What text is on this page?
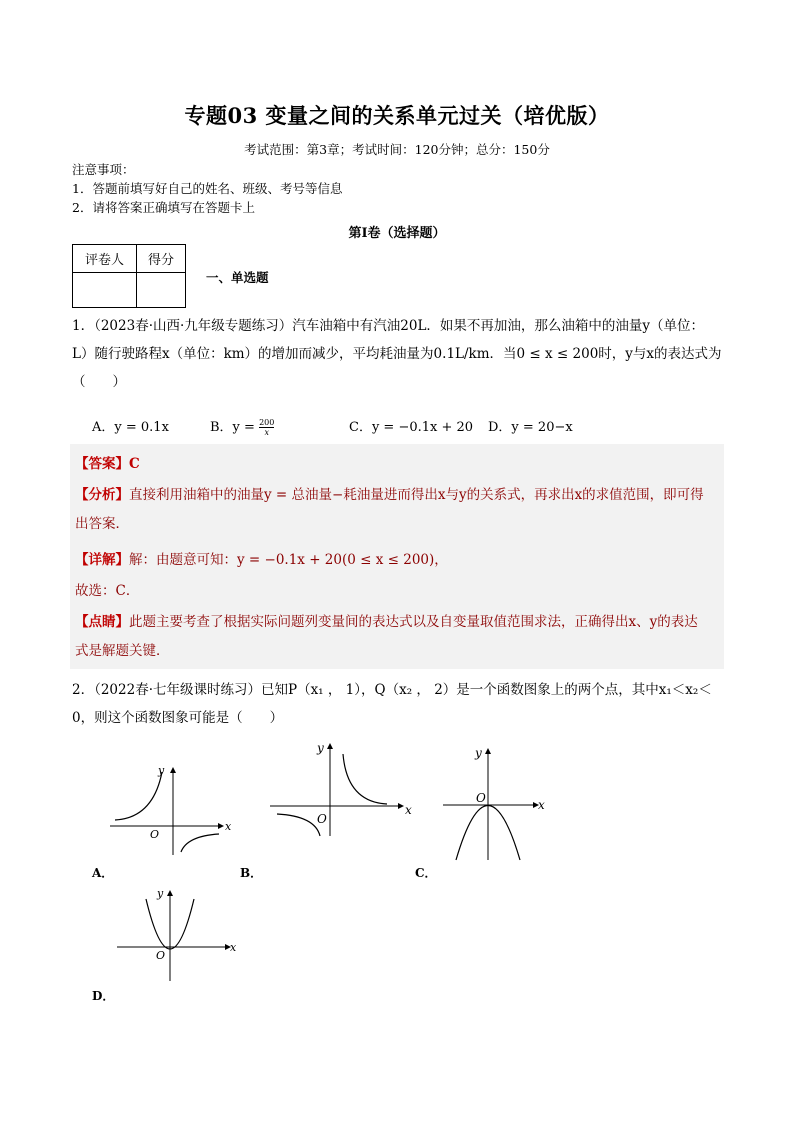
专题03 变量之间的关系单元过关（培优版）
考试范围：第3章；考试时间：120分钟；总分：150分
注意事项：
1．答题前填写好自己的姓名、班级、考号等信息
2．请将答案正确填写在答题卡上
第I卷（选择题）
评卷人	得分

一、单选题
1．（2023春·山西·九年级专题练习）汽车油箱中有汽油20L．如果不再加油，那么油箱中的油量y（单位：
L）随行驶路程x（单位：km）的增加而减少，平均耗油量为0.1L/km．当0 ≤ x ≤ 200时，y与x的表达式为
（　　）
A．y = 0.1x	B．$y = \frac{200}{x}$	C．y = −0.1x + 20 D．y = 20−x
【答案】C
【分析】直接利用油箱中的油量y = 总油量−耗油量进而得出x与y的关系式，再求出x的求值范围，即可得
出答案．
【详解】解：由题意可知：y = −0.1x + 20(0 ≤ x ≤ 200)，
故选：C．
【点睛】此题主要考查了根据实际问题列变量间的表达式以及自变量取值范围求法，正确得出x、y的表达
式是解题关键．
2．（2022春·七年级课时练习）已知P（x₁ ， 1），Q（x₂ ， 2）是一个函数图象上的两个点，其中x₁＜x₂＜
0，则这个函数图象可能是（　　）
x
y
O
A．
x
y
O
B．
x
y
O
C．
x
y
O
D．
